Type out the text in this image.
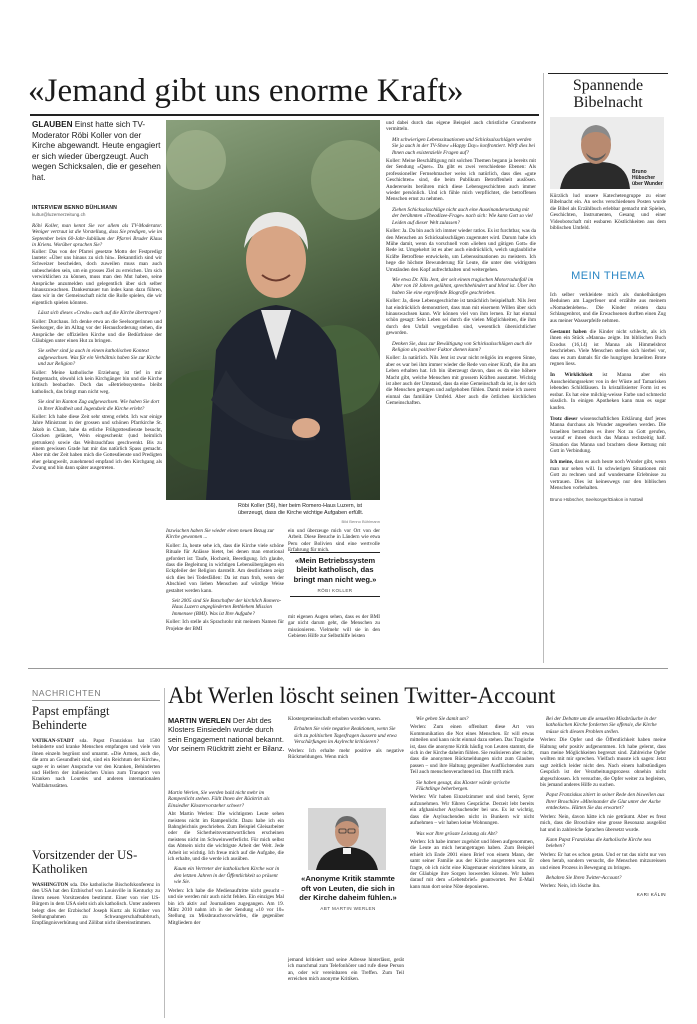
«Jemand gibt uns enorme Kraft»
GLAUBEN Einst hatte sich TV-Moderator Röbi Koller von der Kirche abgewandt. Heute engagiert er sich wieder übergzeugt. Auch wegen Schicksalen, die er gesehen hat.
INTERVIEW BENNO BÜHLMANN
kultur@luzernerzeitung.ch

Röbi Koller, man kennt Sie vor allem als TV-Moderator. Weniger vertraut ist die Vorstellung, dass Sie predigen, wie im September beim 60-Jahr-Jubiläum der Pfarrei Bruder Klaus in Kriens. Worüber sprachen Sie?

Koller: Das von der Pfarrei gesetzte Motto der Festpredigt lautete: «Über uns hinaus zu sich hin». Bekanntlich sind wir Schweizer bescheiden, doch zuweilen muss man auch unbescheiden sein, um ein grosses Ziel zu erreichen. Um sich verwirklichen zu können, muss man den Mut haben, seine Ansprüche anzumelden und gelegentlich über sich selber hinauszuwachsen. Dankesmauer tun indes kann dazu führen, dass wir in der Gemeinschaft nicht die Rolle spielen, die wir eigentlich spielen könnten.

Lässt sich dieses «Credo» auch auf die Kirche übertragen?

Koller: Durchaus. Ich denke etwa an die Seelsorgerinnen und Seelsorger, die im Alltag vor der Herausforderung stehen, die Ansprüche der offiziellen Kirche und die Bedürfnisse der Gläubigen unter einen Hut zu bringen.

Sie selber sind ja auch in einem katholischen Kontext aufgewachsen. Was für ein Verhältnis haben Sie zur Kirche und zur Religion?

Koller: Meine katholische Erziehung ist tief in mir festgemacht, obwohl ich kein Kirchgänger bin und die Kirche kritisch beobachte. Doch das «Betriebssystem» bleibt katholisch, das bringt man nicht weg.

Sie sind im Kanton Zug aufgewachsen. Wie haben Sie dort in Ihrer Kindheit und Jugendzeit die Kirche erlebt?

Koller: Ich habe diese Zeit sehr streng erlebt. Ich war einige Jahre Ministrant in der grossen und schönen Pfarrkirche St. Jakob in Cham, habe da etliche Frühgottesdienste besucht, Glocken geläutet, Wein eingeschenkt (und heimlich getrunken) sowie das Weihrauchfass geschwenkt. Bis zu einem gewissen Grade hat mir das natürlich Spass gemacht. Aber mit der Zeit haben mich die Gottesdienste und Predigten eher gelangweilt, zunehmend empfand ich den Kirchgang als Zwang und bin dann später ausgetreten.

Röbi Koller (56), hier beim Romero-Haus Luzern, ist überzeugt, dass die Kirche wichtige Aufgaben erfüllt.
Bild Benno Bühlmann

Inzwischen haben Sie wieder einen neuen Bezug zur Kirche gewonnen ...

Koller: Ja, heute sehe ich, dass die Kirche viele schöne Rituale für Anlässe bietet, bei denen man emotional gefordert ist: Taufe, Hochzeit, Beerdigung. Ich glaube, dass die Begleitung in wichtigen Lebensübergängen ein Eckpfeiler der Religion darstellt. Am deutlichsten zeigt sich dies bei Todesfällen: Da ist man froh, wenn der Abschied von lieben Menschen auf würdige Weise gestaltet werden kann.

Seit 2005 sind Sie Botschafter der kirchlich Romero-Haus Luzern angegliederten Bethlehem Mission Immensee (BMI). Was ist Ihre Aufgabe?

Koller: Ich stelle als Sprachrohr mit meinem Namen für Projekte der BMI

ein und überzeuge mich vor Ort von der Arbeit. Diese Besuche in Ländern wie etwa Peru oder Bolivien sind eine wertvolle Erfahrung für mich.

«Mein Betriebssystem bleibt katholisch, das bringt man nicht weg.»
RÖBI KOLLER

mit eigenen Augen sehen, dass es der BMI gar nicht darum geht, die Menschen zu missionieren. Vielmehr will sie in den Gebieten Hilfe zur Selbsthilfe leisten

und dabei durch das eigene Beispiel auch christliche Grundwerte vermitteln.

Mit schwierigen Lebenssituationen und Schicksalsschlägen werden Sie ja auch in der TV-Show «Happy Day» konfrontiert. Wirft dies bei Ihnen auch existenzielle Fragen auf?

Koller: Meine Beschäftigung mit solchen Themen begann ja bereits mit der Sendung «Quer». Da gibt es zwei verschiedene Ebenen: Als professioneller Fernsehmacher weiss ich natürlich, dass dies «gute Geschichten» sind, die beim Publikum Betroffenheit auslösen. Andererseits berühren mich diese Lebensgeschichten auch immer wieder persönlich. Und ich fühle mich verpflichtet, die betroffenen Menschen ernst zu nehmen.

Ziehen Schicksalsschläge nicht auch eine Auseinandersetzung mit der berühmten «Theodizee-Frage» nach sich: Wie kann Gott so viel Leiden auf dieser Welt zulassen?

Koller: Ja. Da bin auch ich immer wieder ratlos. Es ist furchtbar, was da den Menschen an Schicksalsschlägen zugemutet wird. Darum habe ich Mühe damit, wenn da vorschnell vom «lieben und gütigen Gott» die Rede ist. Umgekehrt ist es aber auch eindrücklich, welch unglaubliche Kräfte Betroffene entwickeln, um Lebenssituationen zu meistern. Ich hege die höchste Bewunderung für Leute, die unter den widrigsten Umständen den Kopf aufrechthalten und weitergehen.

Wie etwa Dr. Nils Jent, der seit einem tragischen Motorradunfall im Alter von 18 Jahren gelähmt, sprechbehindert und blind ist. Über ihn haben Sie eine ergreifende Biografie geschrieben.

Koller: Ja, diese Lebensgeschichte ist tatsächlich beispielhaft. Nils Jent hat eindrücklich demonstriert, dass man mit eisernem Willen über sich hinauswachsen kann. Wir können viel von ihm lernen. Er hat einmal schön gesagt: Sein Leben sei durch die vielen Möglichkeiten, die ihm durch den Unfall weggefallen sind, wesentlich übersichtlicher geworden.

Denken Sie, dass zur Bewältigung von Schicksalsschlägen auch die Religion als positiver Faktor dienen kann?

Koller: Ja natürlich. Nils Jent ist zwar nicht religiös im engeren Sinne, aber es war bei ihm immer wieder die Rede von einer Kraft, die ihn am Leben erhalten hat. Ich bin überzeugt davon, dass es da eine höhere Macht gibt, welche Menschen mit grossem Kräften ausstattet. Wichtig ist aber auch der Umstand, dass da eine Gemeinschaft da ist, in der sich die Menschen getragen und aufgehoben fühlen. Damit meine ich zuerst einmal das familiäre Umfeld. Aber auch die örtlichen kirchlichen Gemeinschaften.

Spannende Bibelnacht
Bruno Hübscher über Wunder

Kürzlich lud unsere Katechetengruppe zu einer Bibelnacht ein. An sechs verschiedenen Posten wurde die Bibel als Erzählbuch erlebbar gemacht mit Spielen, Geschichten, Instrumenten, Gesang und einer Videobotschaft mit essbaren Köstlichkeiten aus dem biblischen Umfeld.

MEIN THEMA

Ich selber verkleidete mich als dunkelhäutigen Beduinen am Lagerfeuer und erzählte aus meinem «Nomadenleben». Die Kinder reisten dazu Schlangenbrot, und die Erwachsenen durften einen Zug aus meiner Wasserpfeife nehmen.

Gestaunt haben die Kinder nicht schlecht, als ich ihnen ein Stück «Manna» zeigte. Im biblischen Buch Exodus (16,14) ist Manna als Himmelsbrot beschrieben. Viele Menschen stellen sich hierbei vor, dass es zum damals für die hungrigen Israeliten Brote regnen liess.

In Wirklichkeit ist Manna aber ein Ausscheidungssekret von in der Wüste auf Tamarisken lebenden Schildläusen. In kristallisierter Form ist es essbar. Es hat eine milchig-weisse Farbe und schmeckt süsslich. In einigen Apotheken kann man es sogar kaufen.

Trotz dieser wissenschaftlichen Erklärung darf jenes Manna durchaus als Wunder angesehen werden. Die Israeliten betrachten es ihrer Not zu Gott gerufen, worauf er ihnen durch das Manna rechtzeitig half. Situation das Manna und brachten diese Rettung mit Gott in Verbindung.

Ich meine, dass es auch heute noch Wunder gibt, wenn man nur sehen will. In schwierigen Situationen mit Gott zu rechnen und auf wundersame Erlebnisse zu vertrauen. Dies ist keineswegs nur den biblischen Menschen vorbehalten.

Bruno Hübscher, Seelsorger/Diakon in Nottwil

NACHRICHTEN
Papst empfängt Behinderte
VATIKAN-STADT sda. Papst Franziskus hat 1500 behinderte und kranke Menschen empfangen und viele von ihnen einzeln begrüsst und umarmt. «Die Armen, auch die, die arm an Gesundheit sind, sind ein Reichtum der Kirche», sagte er in seiner Ansprache vor den Kranken, Behinderten und Helfern der italienischen Union zum Transport von Kranken nach Lourdes und anderen internationalen Wallfahrtsstätten.
Vorsitzender der US-Katholiken
WASHINGTON sda. Die katholische Bischofskonferenz in den USA hat den Erzbischof von Louisville in Kentucky zu ihrem neuen Vorsitzenden bestimmt. Einer von vier US-Bürgern in dem USA sieht sich als katholisch. Unter anderem belegt dies der Erzbischof Joseph Kurtz als Kritiker von Stellungnahmen zu Schwangerschaftsabbruch, Empfängnisverhütung und Zölibat nicht übereinstimmen.
Abt Werlen löscht seinen Twitter-Account
MARTIN WERLEN Der Abt des Klosters Einsiedeln wurde durch sein Engagement national bekannt. Vor seinem Rücktritt zieht er Bilanz.

Martin Werlen, Sie werden bald nicht mehr im Rampenlicht stehen. Fällt Ihnen der Rücktritt als Einsiedler Klostervorsteher schwer?

Abt Martin Werlen: Die wichtigsten Leute sehen meistens nicht im Rampenlicht. Dazu habe ich ein Bahngleichnis geschrieben. Zum Beispiel Gleisarbeiter oder die Sicherheitsverantwortlichen erscheinen meistens nicht im Schweinwerferlicht. Für mich selbst das Abtsein nicht die wichtigste Arbeit der Welt. Jede Arbeit ist wichtig. Ich freue mich auf die Aufgabe, die ich erhalte, und die werde ich ausüben.

Kaum ein Vertreter der katholischen Kirche war in den letzten Jahren in der Öffentlichkeit so präsent wie Sie.

Werlen: Ich habe die Medienauftritte nicht gesucht – und sie werden mir auch nicht fehlen. Ein einziges Mal bin ich aktiv auf Journalisten zugegangen. Am 19. März 2010 nahm ich in der Sendung «10 vor 10» Stellung zu Missbrauchsvorwürfen, die gegenüber Mitgliedern der

Klostergemeinschaft erhoben worden waren.

Erhalten Sie viele negative Reaktionen, wenn Sie sich zu politischen Tagesfragen äussern und etwa Verschärfungen im Asylrecht kritisieren?

Werlen: Ich erhalte mehr positive als negative Rückmeldungen. Wenn mich

«Anonyme Kritik stammte oft von Leuten, die sich in der Kirche daheim fühlen.»
ABT MARTIN WERLEN

jemand kritisiert und seine Adresse hinterlässt, gerät ich manchmal zum Telefonhörer und rufe diese Person an, oder wir vereinbaren ein Treffen. Zum Teil erreichen mich anonyme Kritiken.

Wie gehen Sie damit um?

Werlen: Zum einen offenbart diese Art von Kommunikation die Not eines Menschen. Er will etwas mitteilen und kann nicht einmal dazu stehen. Das Tragische ist, dass die anonyme Kritik häufig von Leuten stammt, die sich in der Kirche daheim fühlen. Sie realisieren aber nicht, dass die anonymen Rückmeldungen nicht zum Glauben passen – und ihre Haltung gegenüber Ausflüchtenden zum Teil auch menschenverachtend ist. Das trifft mich.

Sie haben gesagt, das Kloster würde syrische Flüchtlinge beherbergen.

Werlen: Wir haben Einzelzimmer und sind bereit, Syrer aufzunehmen. Wir führen Gespräche. Derzeit lebt bereits ein afghanischer Asylsuchender bei uns. Es ist wichtig, dass die Asylsuchenden nicht in Bunkern wir nicht aufnehmen – wir haben keine Wohnungen.

Was war Ihre grösste Leistung als Abt?

Werlen: Ich habe immer zugehört und Ideen aufgenommen, die Leute an mich herangetragen haben. Zum Beispiel erhielt ich Ende 2001 einen Brief von einem Mann, der samt seiner Familie aus der Kirche ausgetreten war. Er fragte, ob ich nicht eine Klagemauer einrichten könnte, an der Gläubige ihre Sorgen loswerden können. Wir haben darauf mit dem «Gebetsbrief» geantwortet. Per E-Mail kann man dort seine Nöte deponieren.

Bei der Debatte um die sexuellen Missbräuche in der katholischen Kirche forderten Sie offensiv, die Kirche müsse sich diesem Problem stellen.

Werlen: Die Opfer und die Öffentlichkeit haben meine Haltung sehr positiv aufgenommen. Ich habe gelernt, dass man meine Möglichkeiten begrenzt sind. Zahlreiche Opfer wollten mit mir sprechen. Vielfach musste ich sagen: Jetzt sagt zeitlich leider nicht den. Nach einem halbstündigen Gespräch ist der Verarbeitungsprozess ohnehin nicht abgeschlossen. Ich versuchte, die Opfer weiter zu begleiten, bis jemand anderes Hilfe zu suchen.

Papst Franziskus zitiert in seiner Rede den bisweilen aus Ihrer Broschüre «Miteinander die Glut unter der Asche entdecken». Hätten Sie das erwartet?

Werlen: Nein, davon hätte ich nie geträumt. Aber es freut mich, dass die Broschüre eine grosse Resonanz ausgelöst hat und in zahlreiche Sprachen übersetzt wurde.

Kann Papst Franziskus die katholische Kirche neu beleben?

Werlen: Er hat es schon getan. Und er tut das nicht nur von oben herab, sondern versucht, die Menschen mitzureissen und einen Prozess in Bewegung zu bringen.

Behalten Sie Ihren Twitter-Account?

Werlen: Nein, ich lösche ihn.

KARI KÄLIN
